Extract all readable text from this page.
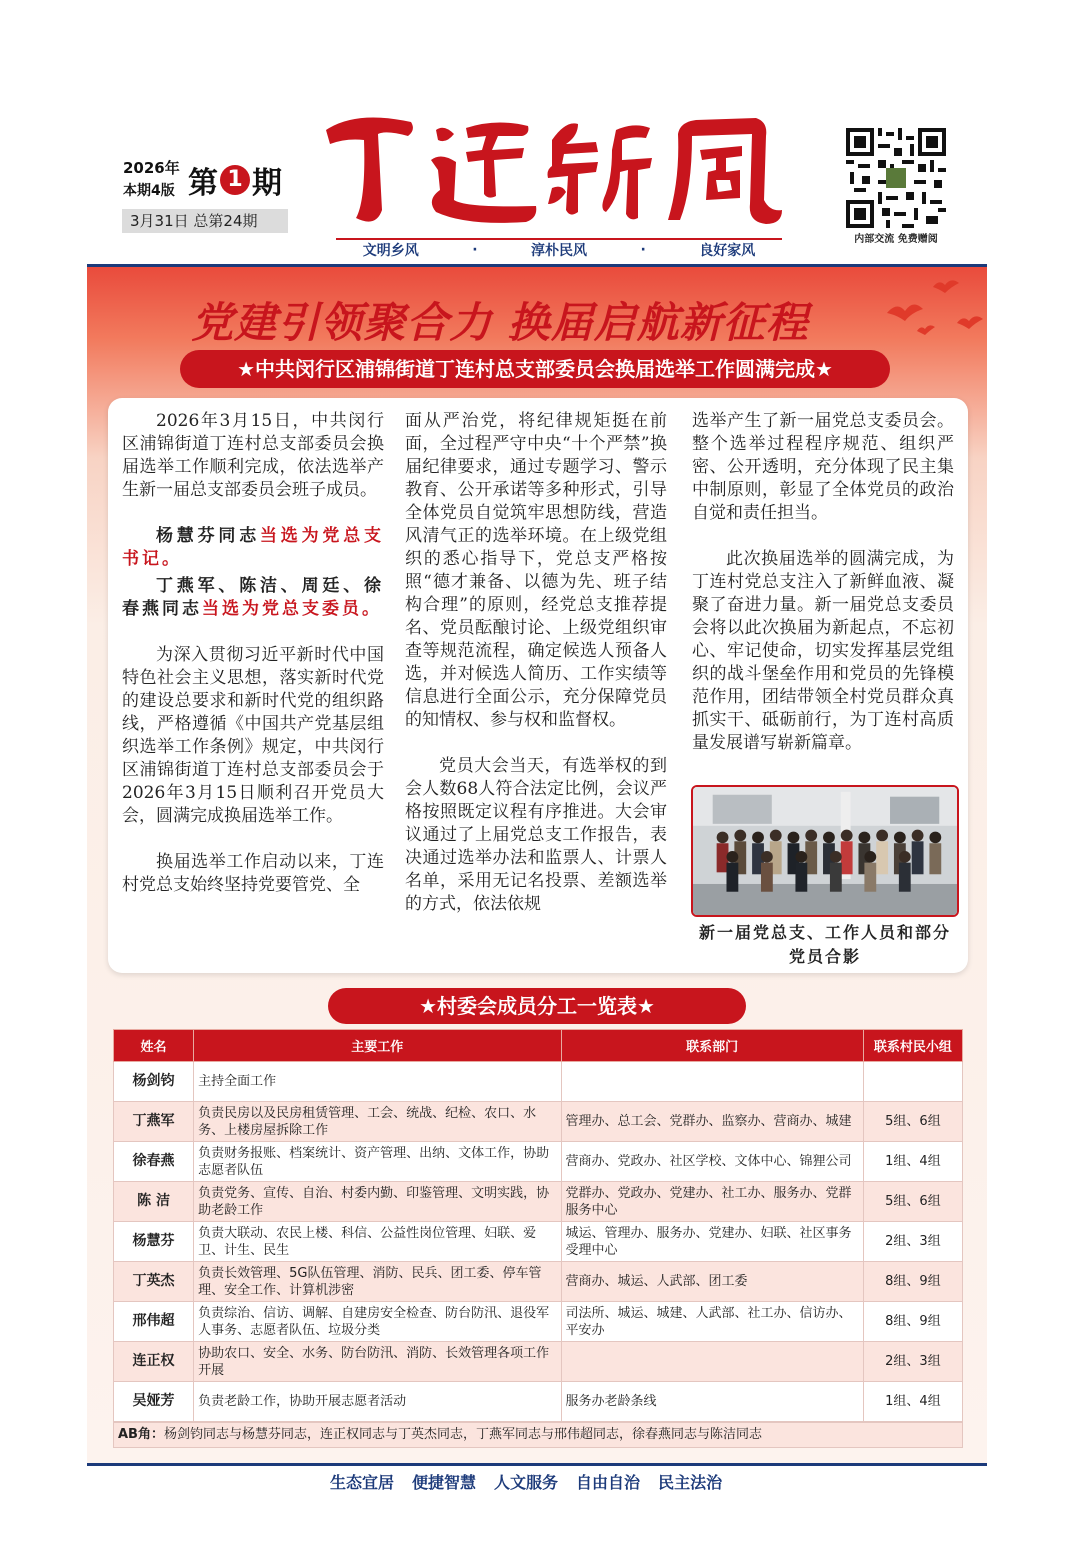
2026年
本期4版 第 1 期
3月31日 总第24期
文明乡风	·	淳朴民风	·	良好家风
内部交流 免费赠阅
党建引领聚合力 换届启航新征程
★中共闵行区浦锦街道丁连村总支部委员会换届选举工作圆满完成★

2026年3月15日，中共闵行区浦锦街道丁连村总支部委员会换届选举工作顺利完成，依法选举产生新一届总支部委员会班子成员。

杨慧芬同志当选为党总支书记。

丁燕军、陈洁、周廷、徐春燕同志当选为党总支委员。

为深入贯彻习近平新时代中国特色社会主义思想，落实新时代党的建设总要求和新时代党的组织路线，严格遵循《中国共产党基层组织选举工作条例》规定，中共闵行区浦锦街道丁连村总支部委员会于2026年3月15日顺利召开党员大会，圆满完成换届选举工作。

换届选举工作启动以来，丁连村党总支始终坚持党要管党、全

面从严治党，将纪律规矩挺在前面，全过程严守中央“十个严禁”换届纪律要求，通过专题学习、警示教育、公开承诺等多种形式，引导全体党员自觉筑牢思想防线，营造风清气正的选举环境。在上级党组织的悉心指导下，党总支严格按照“德才兼备、以德为先、班子结构合理”的原则，经党总支推荐提名、党员酝酿讨论、上级党组织审查等规范流程，确定候选人预备人选，并对候选人简历、工作实绩等信息进行全面公示，充分保障党员的知情权、参与权和监督权。

党员大会当天，有选举权的到会人数68人符合法定比例，会议严格按照既定议程有序推进。大会审议通过了上届党总支工作报告，表决通过选举办法和监票人、计票人名单，采用无记名投票、差额选举的方式，依法依规

选举产生了新一届党总支委员会。整个选举过程程序规范、组织严密、公开透明，充分体现了民主集中制原则，彰显了全体党员的政治自觉和责任担当。

此次换届选举的圆满完成，为丁连村党总支注入了新鲜血液、凝聚了奋进力量。新一届党总支委员会将以此次换届为新起点，不忘初心、牢记使命，切实发挥基层党组织的战斗堡垒作用和党员的先锋模范作用，团结带领全村党员群众真抓实干、砥砺前行，为丁连村高质量发展谱写崭新篇章。

新一届党总支、工作人员和部分党员合影
★村委会成员分工一览表★
姓名	主要工作	联系部门	联系村民小组
杨剑钧	主持全面工作		
丁燕军	负责民房以及民房租赁管理、工会、统战、纪检、农口、水务、上楼房屋拆除工作	管理办、总工会、党群办、监察办、营商办、城建	5组、6组
徐春燕	负责财务报账、档案统计、资产管理、出纳、文体工作，协助志愿者队伍	营商办、党政办、社区学校、文体中心、锦狸公司	1组、4组
陈 洁	负责党务、宣传、自治、村委内勤、印鉴管理、文明实践，协助老龄工作	党群办、党政办、党建办、社工办、服务办、党群服务中心	5组、6组
杨慧芬	负责大联动、农民上楼、科信、公益性岗位管理、妇联、爱卫、计生、民生	城运、管理办、服务办、党建办、妇联、社区事务受理中心	2组、3组
丁英杰	负责长效管理、5G队伍管理、消防、民兵、团工委、停车管理、安全工作、计算机涉密	营商办、城运、人武部、团工委	8组、9组
邢伟超	负责综治、信访、调解、自建房安全检查、防台防汛、退役军人事务、志愿者队伍、垃圾分类	司法所、城运、城建、人武部、社工办、信访办、平安办	8组、9组
连正权	协助农口、安全、水务、防台防汛、消防、长效管理各项工作开展		2组、3组
吴娅芳	负责老龄工作，协助开展志愿者活动	服务办老龄条线	1组、4组
AB角：杨剑钧同志与杨慧芬同志，连正权同志与丁英杰同志，丁燕军同志与邢伟超同志，徐春燕同志与陈洁同志
生态宜居 便捷智慧 人文服务 自由自治 民主法治
